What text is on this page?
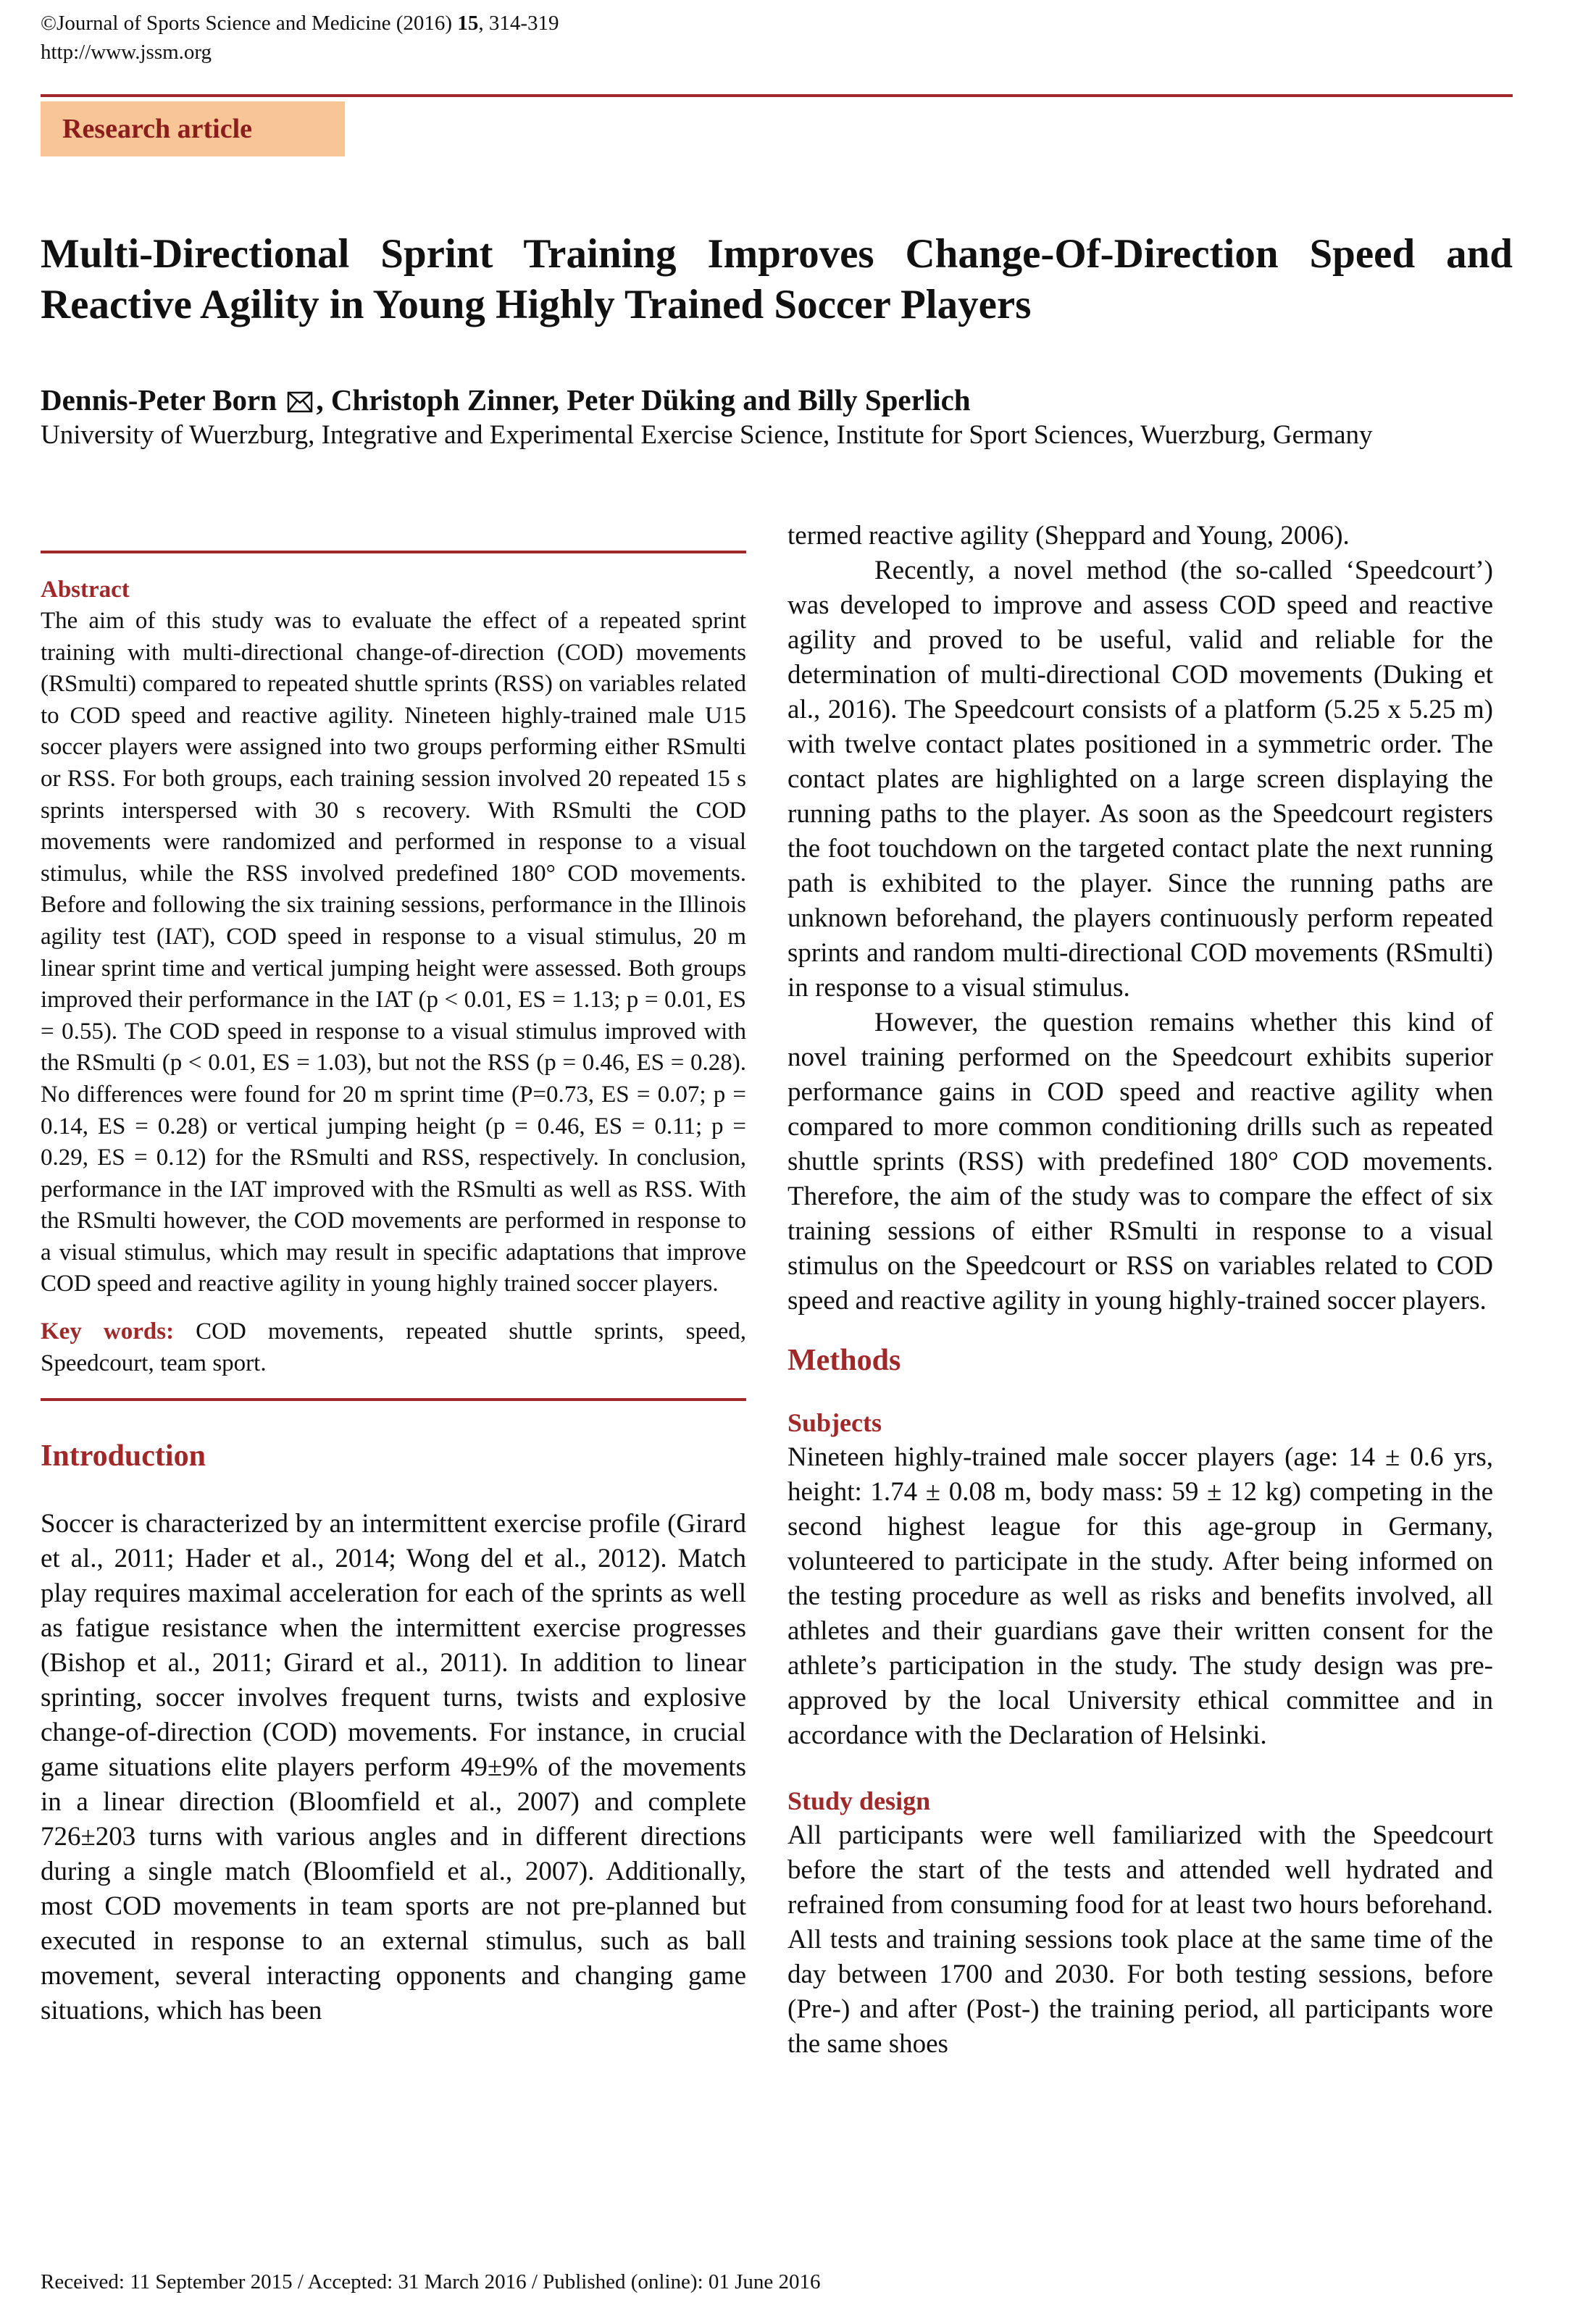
©Journal of Sports Science and Medicine (2016) 15, 314-319
http://www.jssm.org
Research article
Multi-Directional Sprint Training Improves Change-Of-Direction Speed and Reactive Agility in Young Highly Trained Soccer Players

Dennis-Peter Born , Christoph Zinner, Peter Düking and Billy Sperlich

University of Wuerzburg, Integrative and Experimental Exercise Science, Institute for Sport Sciences, Wuerzburg, Germany

Abstract

The aim of this study was to evaluate the effect of a repeated sprint training with multi-directional change-of-direction (COD) movements (RSmulti) compared to repeated shuttle sprints (RSS) on variables related to COD speed and reactive agility. Nineteen highly-trained male U15 soccer players were assigned into two groups performing either RSmulti or RSS. For both groups, each training session involved 20 repeated 15 s sprints interspersed with 30 s recovery. With RSmulti the COD movements were randomized and performed in response to a visual stimulus, while the RSS involved predefined 180° COD movements. Before and following the six training sessions, performance in the Illinois agility test (IAT), COD speed in response to a visual stimulus, 20 m linear sprint time and vertical jumping height were assessed. Both groups improved their performance in the IAT (p < 0.01, ES = 1.13; p = 0.01, ES = 0.55). The COD speed in response to a visual stimulus improved with the RSmulti (p < 0.01, ES = 1.03), but not the RSS (p = 0.46, ES = 0.28). No differences were found for 20 m sprint time (P=0.73, ES = 0.07; p = 0.14, ES = 0.28) or vertical jumping height (p = 0.46, ES = 0.11; p = 0.29, ES = 0.12) for the RSmulti and RSS, respectively. In conclusion, performance in the IAT improved with the RSmulti as well as RSS. With the RSmulti however, the COD movements are performed in response to a visual stimulus, which may result in specific adaptations that improve COD speed and reactive agility in young highly trained soccer players.

Key words: COD movements, repeated shuttle sprints, speed, Speedcourt, team sport.

Introduction

Soccer is characterized by an intermittent exercise profile (Girard et al., 2011; Hader et al., 2014; Wong del et al., 2012). Match play requires maximal acceleration for each of the sprints as well as fatigue resistance when the intermittent exercise progresses (Bishop et al., 2011; Girard et al., 2011). In addition to linear sprinting, soccer involves frequent turns, twists and explosive change-of-direction (COD) movements. For instance, in crucial game situations elite players perform 49±9% of the movements in a linear direction (Bloomfield et al., 2007) and complete 726±203 turns with various angles and in different directions during a single match (Bloomfield et al., 2007). Additionally, most COD movements in team sports are not pre-planned but executed in response to an external stimulus, such as ball movement, several interacting opponents and changing game situations, which has been

termed reactive agility (Sheppard and Young, 2006).

Recently, a novel method (the so-called ‘Speedcourt’) was developed to improve and assess COD speed and reactive agility and proved to be useful, valid and reliable for the determination of multi-directional COD movements (Duking et al., 2016). The Speedcourt consists of a platform (5.25 x 5.25 m) with twelve contact plates positioned in a symmetric order. The contact plates are highlighted on a large screen displaying the running paths to the player. As soon as the Speedcourt registers the foot touchdown on the targeted contact plate the next running path is exhibited to the player. Since the running paths are unknown beforehand, the players continuously perform repeated sprints and random multi-directional COD movements (RSmulti) in response to a visual stimulus.

However, the question remains whether this kind of novel training performed on the Speedcourt exhibits superior performance gains in COD speed and reactive agility when compared to more common conditioning drills such as repeated shuttle sprints (RSS) with predefined 180° COD movements. Therefore, the aim of the study was to compare the effect of six training sessions of either RSmulti in response to a visual stimulus on the Speedcourt or RSS on variables related to COD speed and reactive agility in young highly-trained soccer players.

Methods
Subjects

Nineteen highly-trained male soccer players (age: 14 ± 0.6 yrs, height: 1.74 ± 0.08 m, body mass: 59 ± 12 kg) competing in the second highest league for this age-group in Germany, volunteered to participate in the study. After being informed on the testing procedure as well as risks and benefits involved, all athletes and their guardians gave their written consent for the athlete’s participation in the study. The study design was pre-approved by the local University ethical committee and in accordance with the Declaration of Helsinki.

Study design

All participants were well familiarized with the Speedcourt before the start of the tests and attended well hydrated and refrained from consuming food for at least two hours beforehand. All tests and training sessions took place at the same time of the day between 1700 and 2030. For both testing sessions, before (Pre-) and after (Post-) the training period, all participants wore the same shoes

Received: 11 September 2015 / Accepted: 31 March 2016 / Published (online): 01 June 2016
